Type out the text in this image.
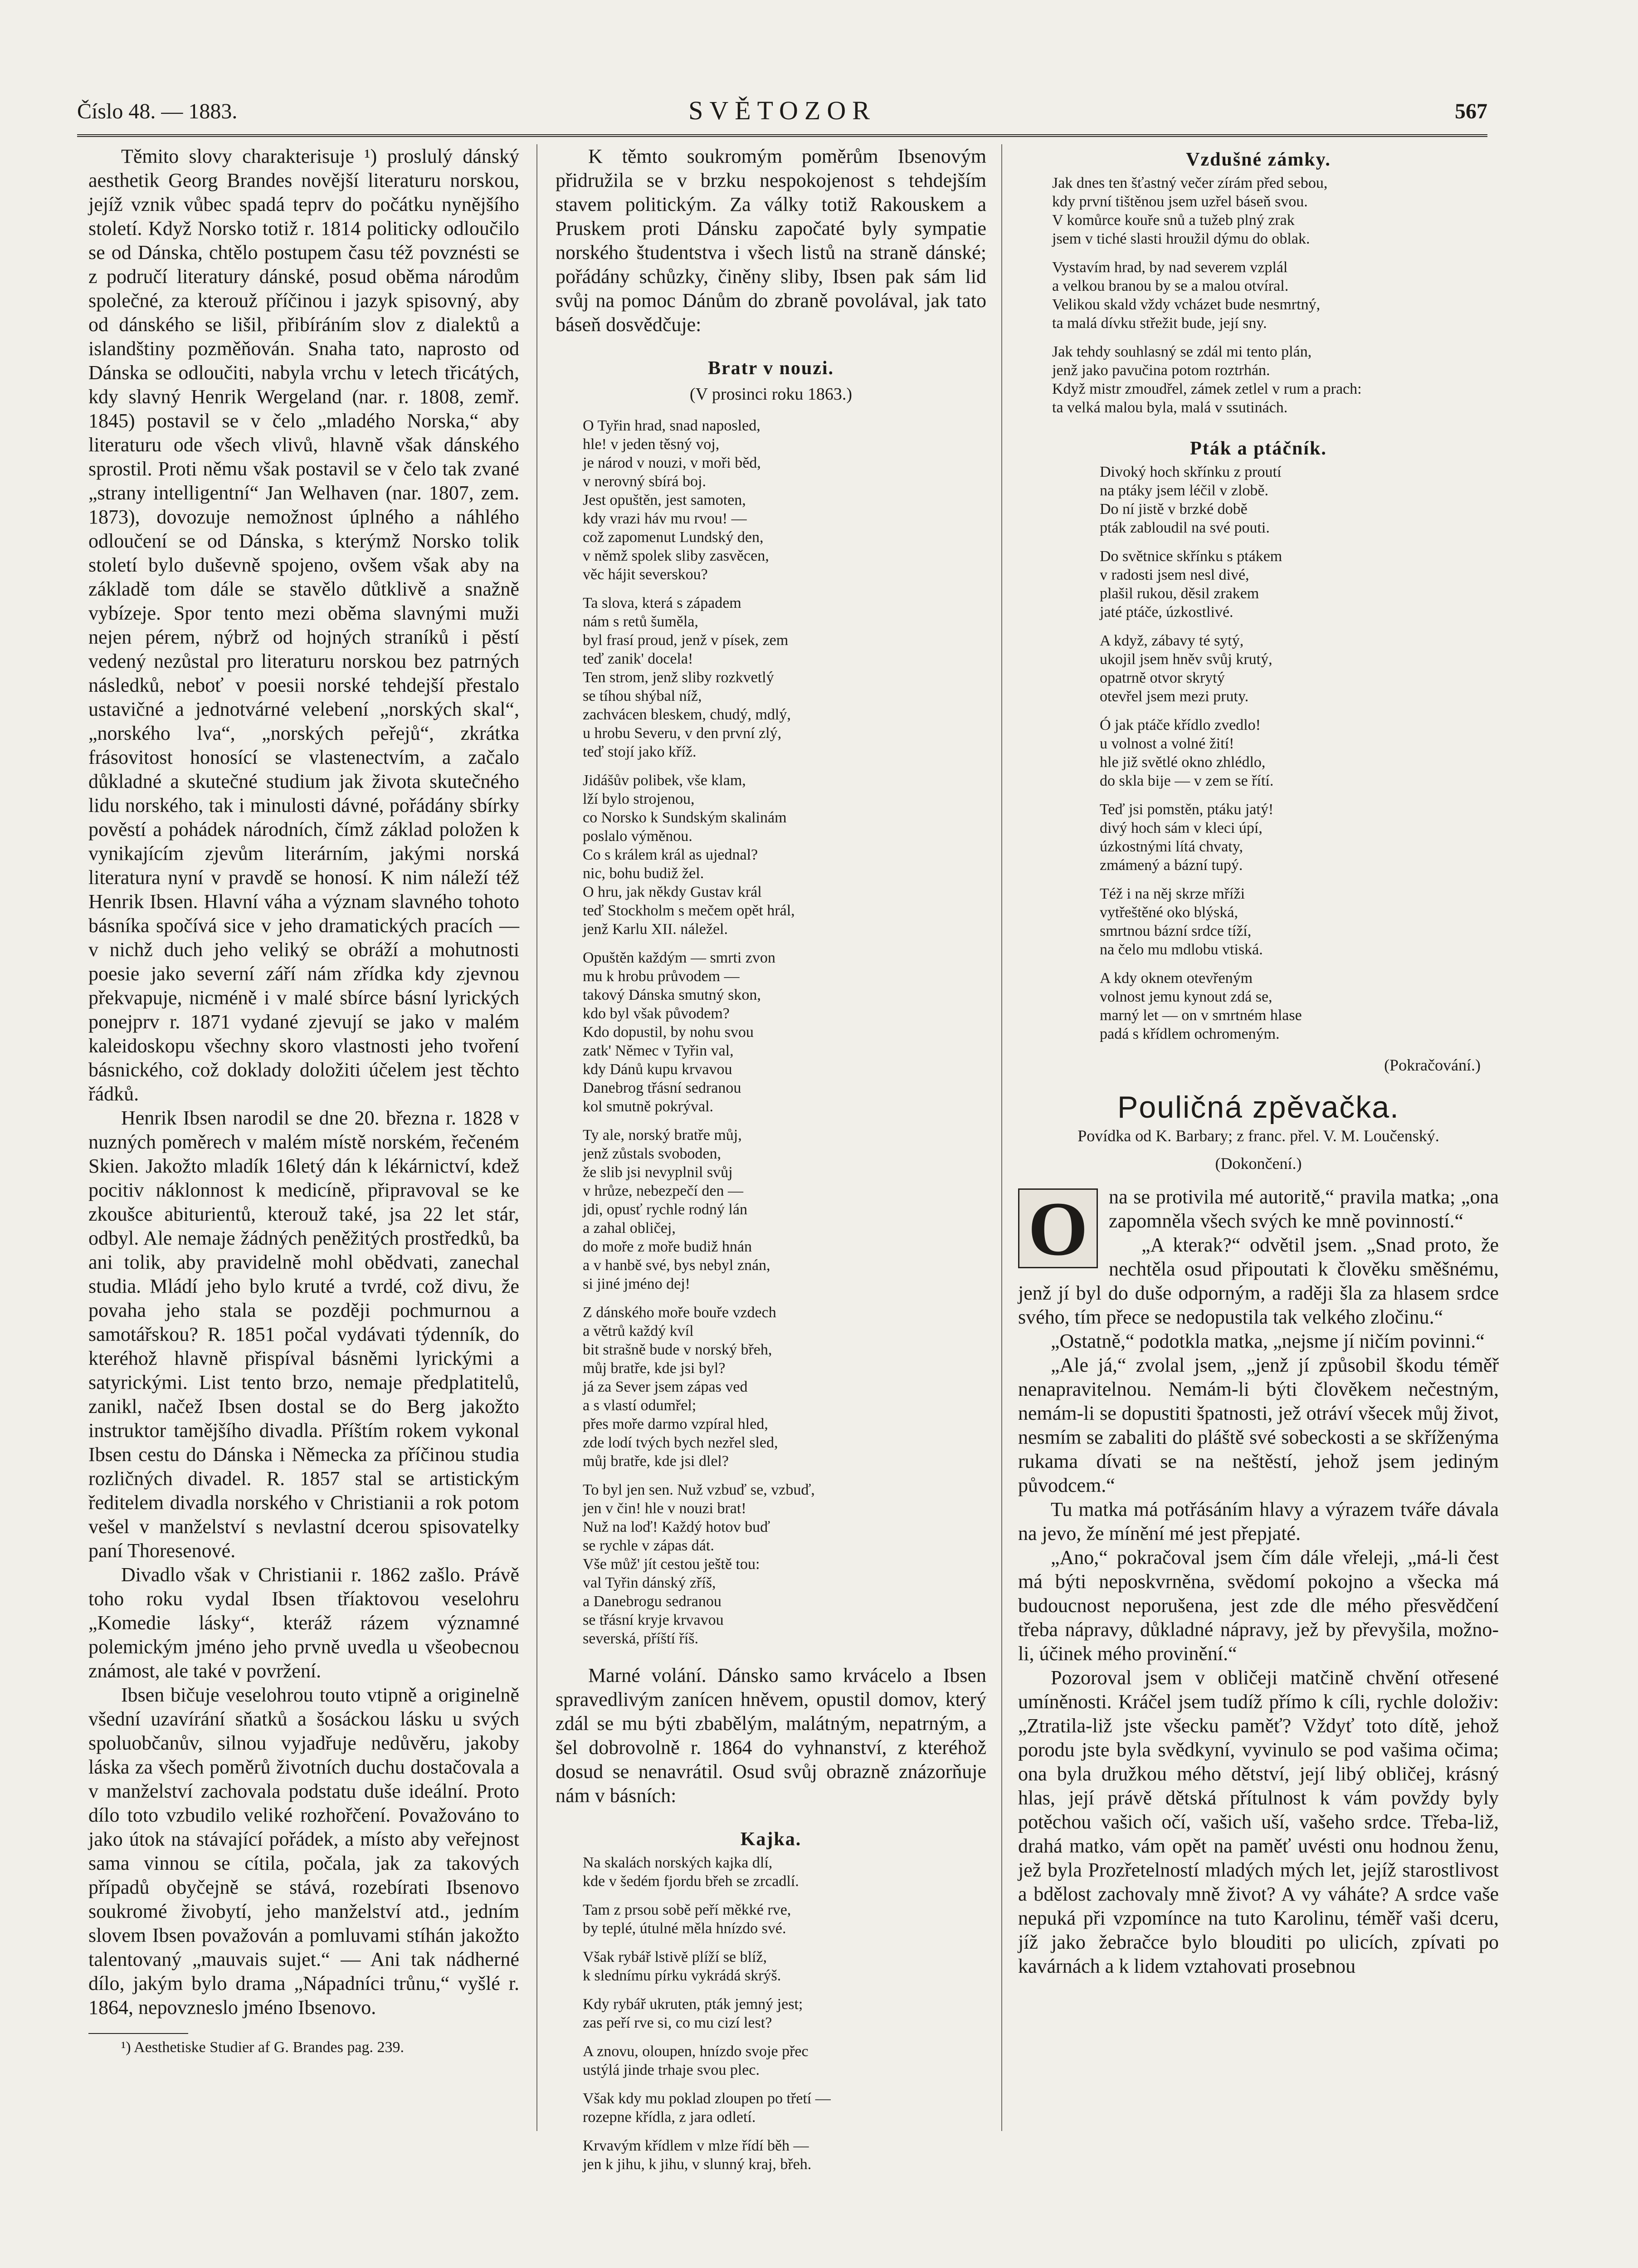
Číslo 48. — 1883.	SVĚTOZOR	567

Těmito slovy charakterisuje ¹) proslulý dánský aesthetik Georg Brandes novější literaturu norskou, jejíž vznik vůbec spadá teprv do počátku nynějšího století. Když Norsko totiž r. 1814 politicky odloučilo se od Dánska, chtělo postupem času též povznésti se z područí literatury dánské, posud oběma národům společné, za kterouž příčinou i jazyk spisovný, aby od dánského se lišil, přibíráním slov z dialektů a islandštiny pozměňován. Snaha tato, naprosto od Dánska se odloučiti, nabyla vrchu v letech třicátých, kdy slavný Henrik Wergeland (nar. r. 1808, zemř. 1845) postavil se v čelo „mladého Norska,“ aby literaturu ode všech vlivů, hlavně však dánského sprostil. Proti němu však postavil se v čelo tak zvané „strany intelligentní“ Jan Welhaven (nar. 1807, zem. 1873), dovozuje nemožnost úplného a náhlého odloučení se od Dánska, s kterýmž Norsko tolik století bylo duševně spojeno, ovšem však aby na základě tom dále se stavělo důtklivě a snažně vybízeje. Spor tento mezi oběma slavnými muži nejen pérem, nýbrž od hojných straníků i pěstí vedený nezůstal pro literaturu norskou bez patrných následků, neboť v poesii norské tehdejší přestalo ustavičné a jednotvárné velebení „norských skal“, „norského lva“, „norských peřejů“, zkrátka frásovitost honosící se vlastenectvím, a začalo důkladné a skutečné studium jak života skutečného lidu norského, tak i minulosti dávné, pořádány sbírky pověstí a pohádek národních, čímž základ položen k vynikajícím zjevům literárním, jakými norská literatura nyní v pravdě se honosí. K nim náleží též Henrik Ibsen. Hlavní váha a význam slavného tohoto básníka spočívá sice v jeho dramatických pracích — v nichž duch jeho veliký se obráží a mohutnosti poesie jako severní září nám zřídka kdy zjevnou překvapuje, nicméně i v malé sbírce básní lyrických ponejprv r. 1871 vydané zjevují se jako v malém kaleidoskopu všechny skoro vlastnosti jeho tvoření básnického, což doklady doložiti účelem jest těchto řádků.

Henrik Ibsen narodil se dne 20. března r. 1828 v nuzných poměrech v malém místě norském, řečeném Skien. Jakožto mladík 16letý dán k lékárnictví, kdež pocitiv náklonnost k medicíně, připravoval se ke zkoušce abiturientů, kterouž také, jsa 22 let stár, odbyl. Ale nemaje žádných peněžitých prostředků, ba ani tolik, aby pravidelně mohl obědvati, zanechal studia. Mládí jeho bylo kruté a tvrdé, což divu, že povaha jeho stala se později pochmurnou a samotářskou? R. 1851 počal vydávati týdenník, do kteréhož hlavně přispíval básněmi lyrickými a satyrickými. List tento brzo, nemaje předplatitelů, zanikl, načež Ibsen dostal se do Berg jakožto instruktor tamějšího divadla. Příštím rokem vykonal Ibsen cestu do Dánska i Německa za příčinou studia rozličných divadel. R. 1857 stal se artistickým ředitelem divadla norského v Christianii a rok potom vešel v manželství s nevlastní dcerou spisovatelky paní Thoresenové.

Divadlo však v Christianii r. 1862 zašlo. Právě toho roku vydal Ibsen tříaktovou veselohru „Komedie lásky“, kteráž rázem významné polemickým jméno jeho prvně uvedla u všeobecnou známost, ale také v povržení.

Ibsen bičuje veselohrou touto vtipně a originelně všední uzavírání sňatků a šosáckou lásku u svých spoluobčanův, silnou vyjadřuje nedůvěru, jakoby láska za všech poměrů životních duchu dostačovala a v manželství zachovala podstatu duše ideální. Proto dílo toto vzbudilo veliké rozhořčení. Považováno to jako útok na stávající pořádek, a místo aby veřejnost sama vinnou se cítila, počala, jak za takových případů obyčejně se stává, rozebírati Ibsenovo soukromé živobytí, jeho manželství atd., jedním slovem Ibsen považován a pomluvami stíhán jakožto talentovaný „mauvais sujet.“ — Ani tak nádherné dílo, jakým bylo drama „Nápadníci trůnu,“ vyšlé r. 1864, nepovzneslo jméno Ibsenovo.

¹) Aesthetiske Studier af G. Brandes pag. 239.

K těmto soukromým poměrům Ibsenovým přidružila se v brzku nespokojenost s tehdejším stavem politickým. Za války totiž Rakouskem a Pruskem proti Dánsku započaté byly sympatie norského študentstva i všech listů na straně dánské; pořádány schůzky, činěny sliby, Ibsen pak sám lid svůj na pomoc Dánům do zbraně povolával, jak tato báseň dosvědčuje:

Bratr v nouzi.
(V prosinci roku 1863.)
O Tyřin hrad, snad naposled,
hle! v jeden těsný voj,
je národ v nouzi, v moři běd,
v nerovný sbírá boj.
Jest opuštěn, jest samoten,
kdy vrazi háv mu rvou! —
což zapomenut Lundský den,
v němž spolek sliby zasvěcen,
věc hájit severskou?
Ta slova, která s západem
nám s retů šuměla,
byl frasí proud, jenž v písek, zem
teď zanik' docela!
Ten strom, jenž sliby rozkvetlý
se tíhou shýbal níž,
zachvácen bleskem, chudý, mdlý,
u hrobu Severu, v den první zlý,
teď stojí jako kříž.
Jidášův polibek, vše klam,
lží bylo strojenou,
co Norsko k Sundským skalinám
poslalo výměnou.
Co s králem král as ujednal?
nic, bohu budiž žel.
O hru, jak někdy Gustav král
teď Stockholm s mečem opět hrál,
jenž Karlu XII. náležel.
Opuštěn každým — smrti zvon
mu k hrobu průvodem —
takový Dánska smutný skon,
kdo byl však původem?
Kdo dopustil, by nohu svou
zatk' Němec v Tyřin val,
kdy Dánů kupu krvavou
Danebrog třásní sedranou
kol smutně pokrýval.
Ty ale, norský bratře můj,
jenž zůstals svoboden,
že slib jsi nevyplnil svůj
v hrůze, nebezpečí den —
jdi, opusť rychle rodný lán
a zahal obličej,
do moře z moře budiž hnán
a v hanbě své, bys nebyl znán,
si jiné jméno dej!
Z dánského moře bouře vzdech
a větrů každý kvíl
bit strašně bude v norský břeh,
můj bratře, kde jsi byl?
já za Sever jsem zápas ved
a s vlastí odumřel;
přes moře darmo vzpíral hled,
zde lodí tvých bych nezřel sled,
můj bratře, kde jsi dlel?
To byl jen sen. Nuž vzbuď se, vzbuď,
jen v čin! hle v nouzi brat!
Nuž na loď! Každý hotov buď
se rychle v zápas dát.
Vše můž' jít cestou ještě tou:
val Tyřin dánský zříš,
a Danebrogu sedranou
se třásní kryje krvavou
severská, příští říš.

Marné volání. Dánsko samo krvácelo a Ibsen spravedlivým zanícen hněvem, opustil domov, který zdál se mu býti zbabělým, malátným, nepatrným, a šel dobrovolně r. 1864 do vyhnanství, z kteréhož dosud se nenavrátil. Osud svůj obrazně znázorňuje nám v básních:

Kajka.
Na skalách norských kajka dlí,
kde v šedém fjordu břeh se zrcadlí.
Tam z prsou sobě peří měkké rve,
by teplé, útulné měla hnízdo své.
Však rybář lstivě plíží se blíž,
k slednímu pírku vykrádá skrýš.
Kdy rybář ukruten, pták jemný jest;
zas peří rve si, co mu cizí lest?
A znovu, oloupen, hnízdo svoje přec
ustýlá jinde trhaje svou plec.
Však kdy mu poklad zloupen po třetí —
rozepne křídla, z jara odletí.
Krvavým křídlem v mlze řídí běh —
jen k jihu, k jihu, v slunný kraj, břeh.
Vzdušné zámky.
Jak dnes ten šťastný večer zírám před sebou,
kdy první tištěnou jsem uzřel báseň svou.
V komůrce kouře snů a tužeb plný zrak
jsem v tiché slasti hroužil dýmu do oblak.
Vystavím hrad, by nad severem vzplál
a velkou branou by se a malou otvíral.
Velikou skald vždy vcházet bude nesmrtný,
ta malá dívku střežit bude, její sny.
Jak tehdy souhlasný se zdál mi tento plán,
jenž jako pavučina potom roztrhán.
Když mistr zmoudřel, zámek zetlel v rum a prach:
ta velká malou byla, malá v ssutinách.
Pták a ptáčník.
Divoký hoch skřínku z proutí
na ptáky jsem léčil v zlobě.
Do ní jistě v brzké době
pták zabloudil na své pouti.
Do světnice skřínku s ptákem
v radosti jsem nesl divé,
plašil rukou, děsil zrakem
jaté ptáče, úzkostlivé.
A když, zábavy té sytý,
ukojil jsem hněv svůj krutý,
opatrně otvor skrytý
otevřel jsem mezi pruty.
Ó jak ptáče křídlo zvedlo!
u volnost a volné žití!
hle již světlé okno zhlédlo,
do skla bije — v zem se řítí.
Teď jsi pomstěn, ptáku jatý!
divý hoch sám v kleci úpí,
úzkostnými lítá chvaty,
zmámený a bázní tupý.
Též i na něj skrze mříži
vytřeštěné oko blýská,
smrtnou bázní srdce tíží,
na čelo mu mdlobu vtiská.
A kdy oknem otevřeným
volnost jemu kynout zdá se,
marný let — on v smrtném hlase
padá s křídlem ochromeným.
(Pokračování.)
Pouličná zpěvačka.
Povídka od K. Barbary; z franc. přel. V. M. Loučenský.
(Dokončení.)
O	na se protivila mé autoritě,“ pravila matka; „ona zapomněla všech svých ke mně povinností.“

„A kterak?“ odvětil jsem. „Snad proto, že nechtěla osud připoutati k člověku směšnému, jenž jí byl do duše odporným, a raději šla za hlasem srdce svého, tím přece se nedopustila tak velkého zločinu.“

„Ostatně,“ podotkla matka, „nejsme jí ničím povinni.“

„Ale já,“ zvolal jsem, „jenž jí způsobil škodu téměř nenapravitelnou. Nemám-li býti člověkem nečestným, nemám-li se dopustiti špatnosti, jež otráví všecek můj život, nesmím se zabaliti do pláště své sobeckosti a se skříženýma rukama dívati se na neštěstí, jehož jsem jediným původcem.“

Tu matka má potřásáním hlavy a výrazem tváře dávala na jevo, že mínění mé jest přepjaté.

„Ano,“ pokračoval jsem čím dále vřeleji, „má-li čest má býti neposkvrněna, svědomí pokojno a všecka má budoucnost neporušena, jest zde dle mého přesvědčení třeba nápravy, důkladné nápravy, jež by převyšila, možno-li, účinek mého provinění.“

Pozoroval jsem v obličeji matčině chvění otřesené umíněnosti. Kráčel jsem tudíž přímo k cíli, rychle doloživ: „Ztratila-liž jste všecku paměť? Vždyť toto dítě, jehož porodu jste byla svědkyní, vyvinulo se pod vašima očima; ona byla družkou mého dětství, její libý obličej, krásný hlas, její právě dětská přítulnost k vám povždy byly potěchou vašich očí, vašich uší, vašeho srdce. Třeba-liž, drahá matko, vám opět na paměť uvésti onu hodnou ženu, jež byla Prozřetelností mladých mých let, jejíž starostlivost a bdělost zachovaly mně život? A vy váháte? A srdce vaše nepuká při vzpomínce na tuto Karolinu, téměř vaši dceru, jíž jako žebračce bylo blouditi po ulicích, zpívati po kavárnách a k lidem vztahovati prosebnou
